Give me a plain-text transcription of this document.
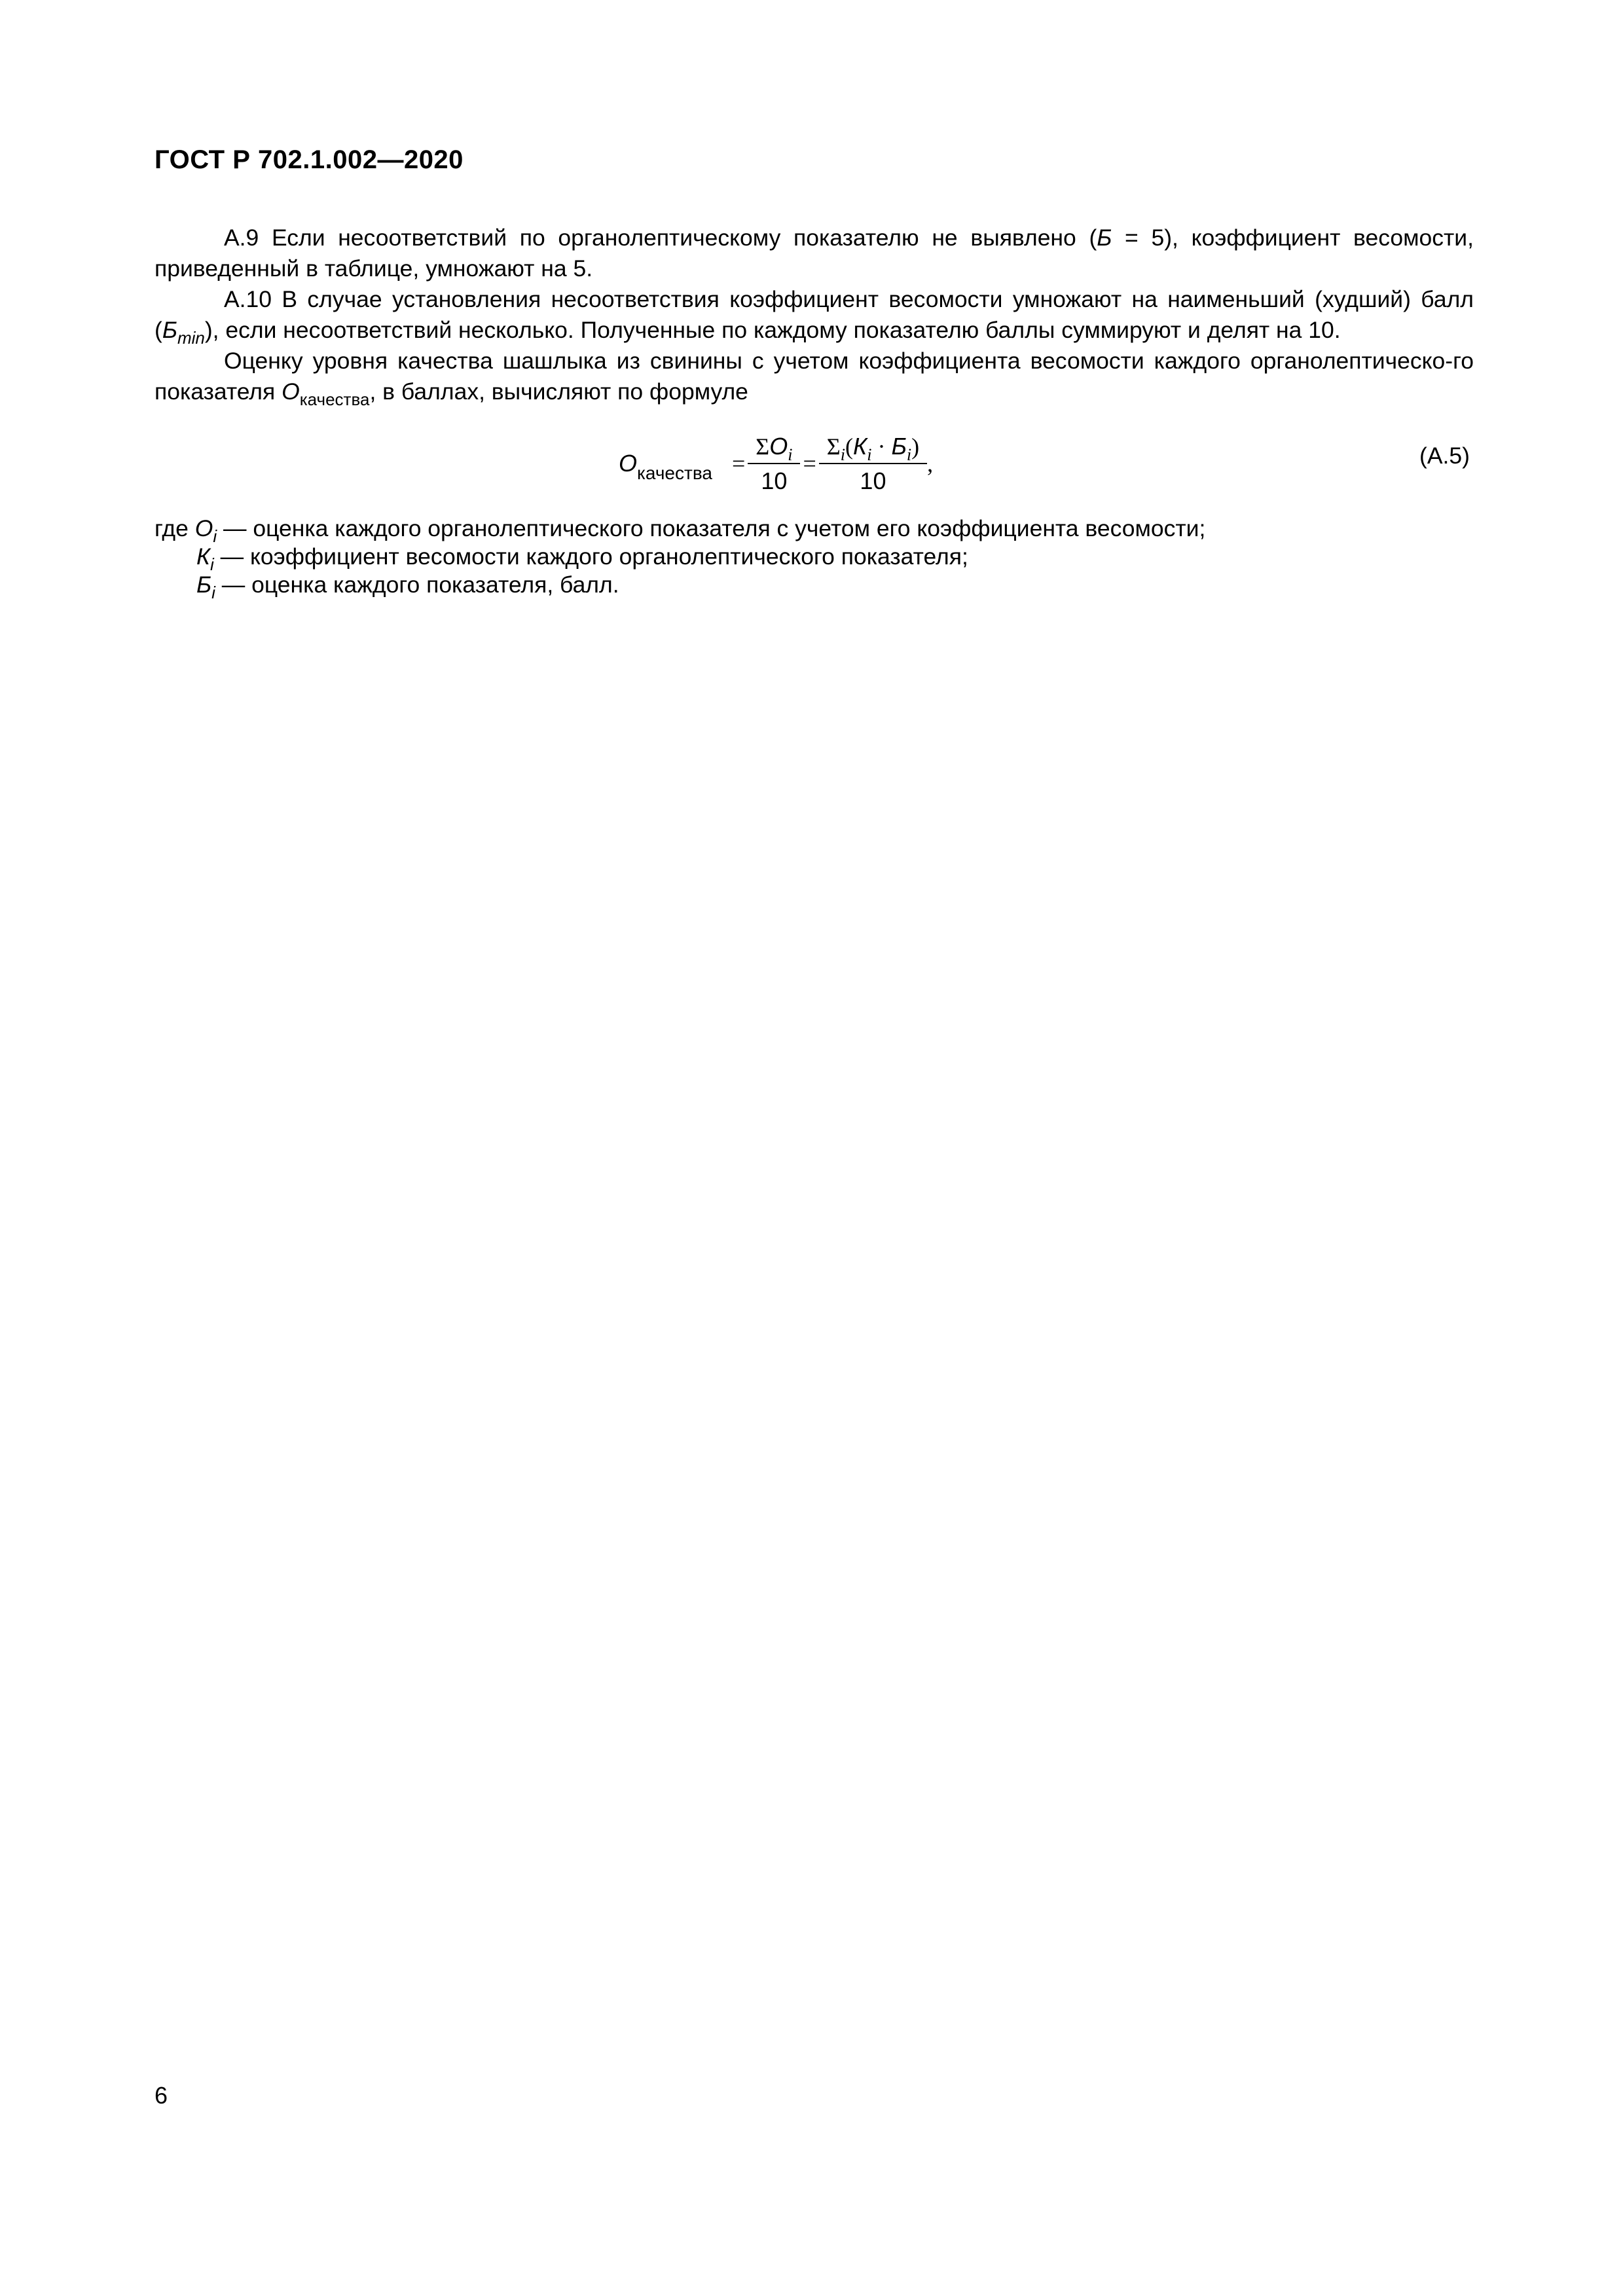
ГОСТ Р 702.1.002—2020

А.9 Если несоответствий по органолептическому показателю не выявлено (Б = 5), коэффициент весомости, приведенный в таблице, умножают на 5.

А.10 В случае установления несоответствия коэффициент весомости умножают на наименьший (худший) балл $(Б_{min})$, если несоответствий несколько. Полученные по каждому показателю баллы суммируют и делят на 10.

Оценку уровня качества шашлыка из свинины с учетом коэффициента весомости каждого органолептическо-го показателя $О_{качества}$, в баллах, вычисляют по формуле

$О_{качества} = \frac{\Sigma О_i}{10} = \frac{\Sigma_i(К_i \cdot Б_i)}{10}$ ,	(А.5)
где $О_i$ — оценка каждого органолептического показателя с учетом его коэффициента весомости;
$К_i$ — коэффициент весомости каждого органолептического показателя;
$Б_i$ — оценка каждого показателя, балл.
6
